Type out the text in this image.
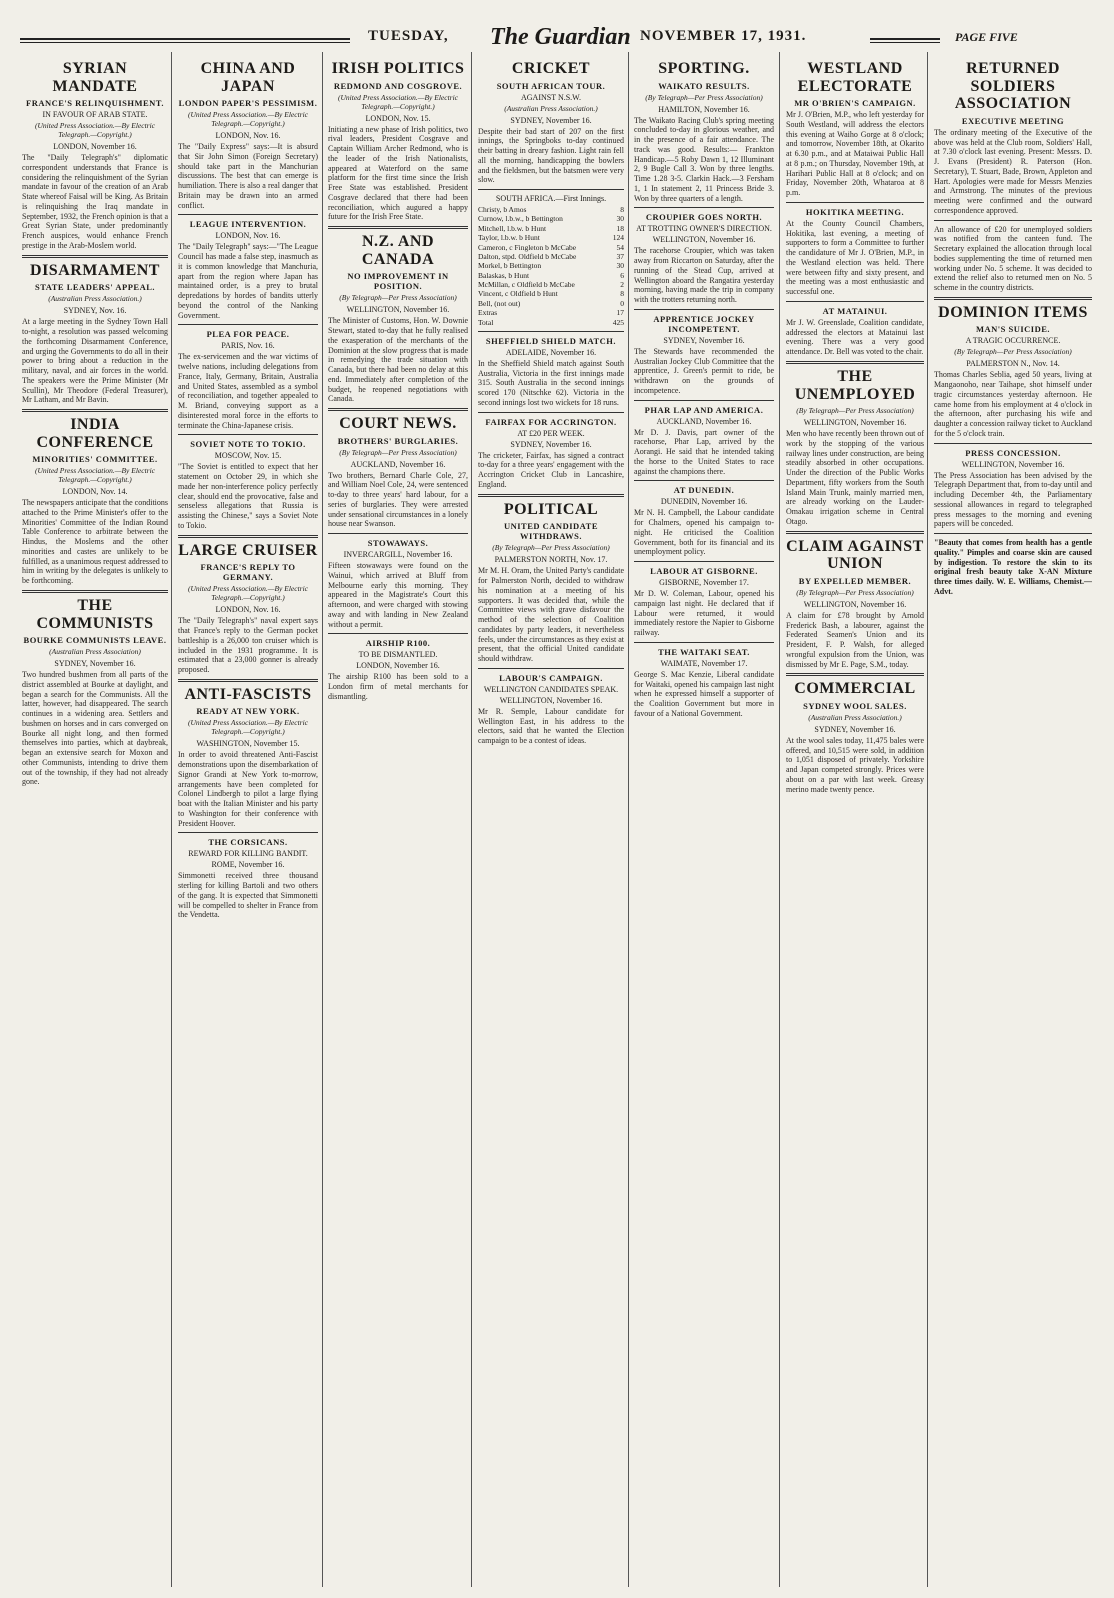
TUESDAY, The Guardian NOVEMBER 17, 1931.	PAGE FIVE
SYRIAN MANDATE
FRANCE'S RELINQUISHMENT.
IN FAVOUR OF ARAB STATE.
(United Press Association.—By Electric Telegraph.—Copyright.)
LONDON, November 16.
The "Daily Telegraph's" diplomatic correspondent understands that France is considering the relinquishment of the Syrian mandate in favour of the creation of an Arab State whereof Faisal will be King. As Britain is relinquishing the Iraq mandate in September, 1932, the French opinion is that a Great Syrian State, under predominantly French auspices, would enhance French prestige in the Arab-Moslem world.
DISARMAMENT
STATE LEADERS' APPEAL.
(Australian Press Association.)
SYDNEY, Nov. 16.
At a large meeting in the Sydney Town Hall to-night, a resolution was passed welcoming the forthcoming Disarmament Conference, and urging the Governments to do all in their power to bring about a reduction in the military, naval, and air forces in the world. The speakers were the Prime Minister (Mr Scullin), Mr Theodore (Federal Treasurer), Mr Latham, and Mr Bavin.
INDIA CONFERENCE
MINORITIES' COMMITTEE.
(United Press Association.—By Electric Telegraph.—Copyright.)
LONDON, Nov. 14.
The newspapers anticipate that the conditions attached to the Prime Minister's offer to the Minorities' Committee of the Indian Round Table Conference to arbitrate between the Hindus, the Moslems and the other minorities and castes are unlikely to be fulfilled, as a unanimous request addressed to him in writing by the delegates is unlikely to be forthcoming.
THE COMMUNISTS
BOURKE COMMUNISTS LEAVE.
(Australian Press Association)
SYDNEY, November 16.
Two hundred bushmen from all parts of the district assembled at Bourke at daylight, and began a search for the Communists. All the latter, however, had disappeared. The search continues in a widening area. Settlers and bushmen on horses and in cars converged on Bourke all night long, and then formed themselves into parties, which at daybreak, began an extensive search for Moxon and other Communists, intending to drive them out of the township, if they had not already gone.
CHINA AND JAPAN
LONDON PAPER'S PESSIMISM.
(United Press Association.—By Electric Telegraph.—Copyright.)
LONDON, Nov. 16.
The "Daily Express" says:—It is absurd that Sir John Simon (Foreign Secretary) should take part in the Manchurian discussions. The best that can emerge is humiliation. There is also a real danger that Britain may be drawn into an armed conflict.
LEAGUE INTERVENTION.
LONDON, Nov. 16.
The "Daily Telegraph" says:—"The League Council has made a false step, inasmuch as it is common knowledge that Manchuria, apart from the region where Japan has maintained order, is a prey to brutal depredations by hordes of bandits utterly beyond the control of the Nanking Government.
PLEA FOR PEACE.
PARIS, Nov. 16.
The ex-servicemen and the war victims of twelve nations, including delegations from France, Italy, Germany, Britain, Australia and United States, assembled as a symbol of reconciliation, and together appealed to M. Briand, conveying support as a disinterested moral force in the efforts to terminate the China-Japanese crisis.
SOVIET NOTE TO TOKIO.
MOSCOW, Nov. 15.
"The Soviet is entitled to expect that her statement on October 29, in which she made her non-interference policy perfectly clear, should end the provocative, false and senseless allegations that Russia is assisting the Chinese," says a Soviet Note to Tokio.
LARGE CRUISER
FRANCE'S REPLY TO GERMANY.
(United Press Association.—By Electric Telegraph.—Copyright.)
LONDON, Nov. 16.
The "Daily Telegraph's" naval expert says that France's reply to the German pocket battleship is a 26,000 ton cruiser which is included in the 1931 programme. It is estimated that a 23,000 gonner is already proposed.
ANTI-FASCISTS
READY AT NEW YORK.
(United Press Association.—By Electric Telegraph.—Copyright.)
WASHINGTON, November 15.
In order to avoid threatened Anti-Fascist demonstrations upon the disembarkation of Signor Grandi at New York to-morrow, arrangements have been completed for Colonel Lindbergh to pilot a large flying boat with the Italian Minister and his party to Washington for their conference with President Hoover.
THE CORSICANS.
REWARD FOR KILLING BANDIT.
ROME, November 16.
Simmonetti received three thousand sterling for killing Bartoli and two others of the gang. It is expected that Simmonetti will be compelled to shelter in France from the Vendetta.
IRISH POLITICS
REDMOND AND COSGROVE.
(United Press Association.—By Electric Telegraph.—Copyright.)
LONDON, Nov. 15.
Initiating a new phase of Irish politics, two rival leaders, President Cosgrave and Captain William Archer Redmond, who is the leader of the Irish Nationalists, appeared at Waterford on the same platform for the first time since the Irish Free State was established. President Cosgrave declared that there had been reconciliation, which augured a happy future for the Irish Free State.
N.Z. AND CANADA
NO IMPROVEMENT IN POSITION.
(By Telegraph—Per Press Association)
WELLINGTON, November 16.
The Minister of Customs, Hon. W. Downie Stewart, stated to-day that he fully realised the exasperation of the merchants of the Dominion at the slow progress that is made in remedying the trade situation with Canada, but there had been no delay at this end. Immediately after completion of the budget, he reopened negotiations with Canada.
COURT NEWS.
BROTHERS' BURGLARIES.
(By Telegraph—Per Press Association)
AUCKLAND, November 16.
Two brothers, Bernard Charle Cole, 27, and William Noel Cole, 24, were sentenced to-day to three years' hard labour, for a series of burglaries. They were arrested under sensational circumstances in a lonely house near Swanson.
STOWAWAYS.
INVERCARGILL, November 16.
Fifteen stowaways were found on the Wainui, which arrived at Bluff from Melbourne early this morning. They appeared in the Magistrate's Court this afternoon, and were charged with stowing away and with landing in New Zealand without a permit.
AIRSHIP R100.
TO BE DISMANTLED.
LONDON, November 16.
The airship R100 has been sold to a London firm of metal merchants for dismantling.
CRICKET
SOUTH AFRICAN TOUR.
AGAINST N.S.W.
(Australian Press Association.)
SYDNEY, November 16.
Despite their bad start of 207 on the first innings, the Springboks to-day continued their batting in dreary fashion. Light rain fell all the morning, handicapping the bowlers and the fieldsmen, but the batsmen were very slow.
SOUTH AFRICA.—First Innings.
Christy, b Amos	8
Curnow, l.b.w., b Bettington	30
Mitchell, l.b.w. b Hunt	18
Taylor, l.b.w. b Hunt	124
Cameron, c Fingleton b McCabe	54
Dalton, stpd. Oldfield b McCabe	37
Morkel, b Bettington	30
Balaskas, b Hunt	6
McMillan, c Oldfield b McCabe	2
Vincent, c Oldfield b Hunt	8
Bell, (not out)	0
Extras	17
Total	425
SHEFFIELD SHIELD MATCH.
ADELAIDE, November 16.
In the Sheffield Shield match against South Australia, Victoria in the first innings made 315. South Australia in the second innings scored 170 (Nitschke 62). Victoria in the second innings lost two wickets for 18 runs.
FAIRFAX FOR ACCRINGTON.
AT £20 PER WEEK.
SYDNEY, November 16.
The cricketer, Fairfax, has signed a contract to-day for a three years' engagement with the Accrington Cricket Club in Lancashire, England.
POLITICAL
UNITED CANDIDATE WITHDRAWS.
(By Telegraph—Per Press Association)
PALMERSTON NORTH, Nov. 17.
Mr M. H. Oram, the United Party's candidate for Palmerston North, decided to withdraw his nomination at a meeting of his supporters. It was decided that, while the Committee views with grave disfavour the method of the selection of Coalition candidates by party leaders, it nevertheless feels, under the circumstances as they exist at present, that the official United candidate should withdraw.
LABOUR'S CAMPAIGN.
WELLINGTON CANDIDATES SPEAK.
WELLINGTON, November 16.
Mr R. Semple, Labour candidate for Wellington East, in his address to the electors, said that he wanted the Election campaign to be a contest of ideas.
SPORTING.
WAIKATO RESULTS.
(By Telegraph—Per Press Association)
HAMILTON, November 16.
The Waikato Racing Club's spring meeting concluded to-day in glorious weather, and in the presence of a fair attendance. The track was good. Results:— Frankton Handicap.—5 Roby Dawn 1, 12 Illuminant 2, 9 Bugle Call 3. Won by three lengths. Time 1.28 3-5. Clarkin Hack.—3 Fersham 1, 1 In statement 2, 11 Princess Bride 3. Won by three quarters of a length.
CROUPIER GOES NORTH.
AT TROTTING OWNER'S DIRECTION.
WELLINGTON, November 16.
The racehorse Croupier, which was taken away from Riccarton on Saturday, after the running of the Stead Cup, arrived at Wellington aboard the Rangatira yesterday morning, having made the trip in company with the trotters returning north.
APPRENTICE JOCKEY INCOMPETENT.
SYDNEY, November 16.
The Stewards have recommended the Australian Jockey Club Committee that the apprentice, J. Green's permit to ride, be withdrawn on the grounds of incompetence.
PHAR LAP AND AMERICA.
AUCKLAND, November 16.
Mr D. J. Davis, part owner of the racehorse, Phar Lap, arrived by the Aorangi. He said that he intended taking the horse to the United States to race against the champions there.
AT DUNEDIN.
DUNEDIN, November 16.
Mr N. H. Campbell, the Labour candidate for Chalmers, opened his campaign to-night. He criticised the Coalition Government, both for its financial and its unemployment policy.
LABOUR AT GISBORNE.
GISBORNE, November 17.
Mr D. W. Coleman, Labour, opened his campaign last night. He declared that if Labour were returned, it would immediately restore the Napier to Gisborne railway.
THE WAITAKI SEAT.
WAIMATE, November 17.
George S. Mac Kenzie, Liberal candidate for Waitaki, opened his campaign last night when he expressed himself a supporter of the Coalition Government but more in favour of a National Government.
WESTLAND ELECTORATE
MR O'BRIEN'S CAMPAIGN.
Mr J. O'Brien, M.P., who left yesterday for South Westland, will address the electors this evening at Waiho Gorge at 8 o'clock; and tomorrow, November 18th, at Okarito at 6.30 p.m., and at Mataiwai Public Hall at 8 p.m.; on Thursday, November 19th, at Harihari Public Hall at 8 o'clock; and on Friday, November 20th, Whataroa at 8 p.m.
HOKITIKA MEETING.
At the County Council Chambers, Hokitika, last evening, a meeting of supporters to form a Committee to further the candidature of Mr J. O'Brien, M.P., in the Westland election was held. There were between fifty and sixty present, and the meeting was a most enthusiastic and successful one.
AT MATAINUI.
Mr J. W. Greenslade, Coalition candidate, addressed the electors at Matainui last evening. There was a very good attendance. Dr. Bell was voted to the chair.
THE UNEMPLOYED
(By Telegraph—Per Press Association)
WELLINGTON, November 16.
Men who have recently been thrown out of work by the stopping of the various railway lines under construction, are being steadily absorbed in other occupations. Under the direction of the Public Works Department, fifty workers from the South Island Main Trunk, mainly married men, are already working on the Lauder-Omakau irrigation scheme in Central Otago.
CLAIM AGAINST UNION
BY EXPELLED MEMBER.
(By Telegraph—Per Press Association)
WELLINGTON, November 16.
A claim for £78 brought by Arnold Frederick Bash, a labourer, against the Federated Seamen's Union and its President, F. P. Walsh, for alleged wrongful expulsion from the Union, was dismissed by Mr E. Page, S.M., today.
COMMERCIAL
SYDNEY WOOL SALES.
(Australian Press Association.)
SYDNEY, November 16.
At the wool sales today, 11,475 bales were offered, and 10,515 were sold, in addition to 1,051 disposed of privately. Yorkshire and Japan competed strongly. Prices were about on a par with last week. Greasy merino made twenty pence.
RETURNED SOLDIERS ASSOCIATION
EXECUTIVE MEETING
The ordinary meeting of the Executive of the above was held at the Club room, Soldiers' Hall, at 7.30 o'clock last evening. Present: Messrs. D. J. Evans (President) R. Paterson (Hon. Secretary), T. Stuart, Bade, Brown, Appleton and Hart. Apologies were made for Messrs Menzies and Armstrong. The minutes of the previous meeting were confirmed and the outward correspondence approved.
An allowance of £20 for unemployed soldiers was notified from the canteen fund. The Secretary explained the allocation through local bodies supplementing the time of returned men working under No. 5 scheme. It was decided to extend the relief also to returned men on No. 5 scheme in the country districts.
DOMINION ITEMS
MAN'S SUICIDE.
A TRAGIC OCCURRENCE.
(By Telegraph—Per Press Association)
PALMERSTON N., Nov. 14.
Thomas Charles Seblia, aged 50 years, living at Mangaonoho, near Taihape, shot himself under tragic circumstances yesterday afternoon. He came home from his employment at 4 o'clock in the afternoon, after purchasing his wife and daughter a concession railway ticket to Auckland for the 5 o'clock train.
PRESS CONCESSION.
WELLINGTON, November 16.
The Press Association has been advised by the Telegraph Department that, from to-day until and including December 4th, the Parliamentary sessional allowances in regard to telegraphed press messages to the morning and evening papers will be conceded.
"Beauty that comes from health has a gentle quality." Pimples and coarse skin are caused by indigestion. To restore the skin to its original fresh beauty take X-AN Mixture three times daily. W. E. Williams, Chemist.—Advt.
